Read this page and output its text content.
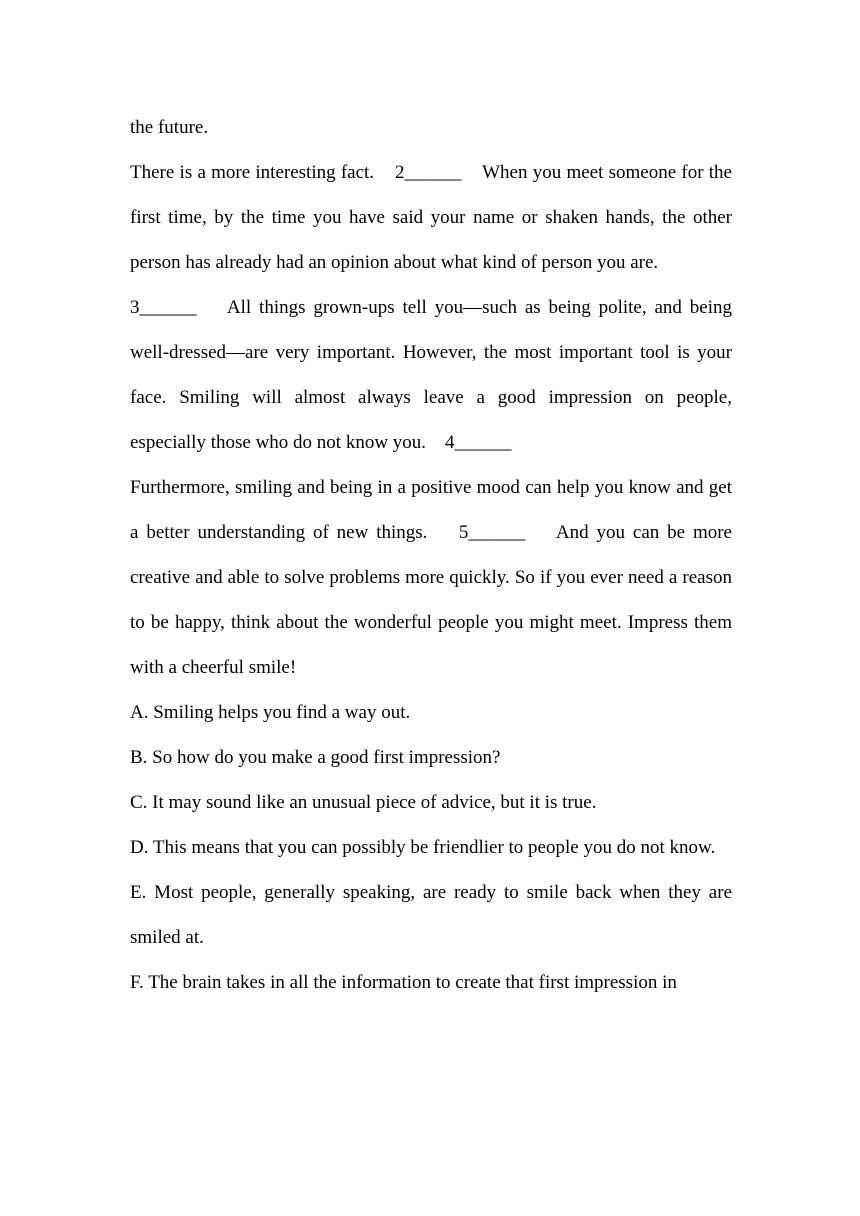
the future.

There is a more interesting fact.    2______    When you meet someone for the first time, by the time you have said your name or shaken hands, the other person has already had an opinion about what kind of person you are.

3______    All things grown-ups tell you—such as being polite, and being well-dressed—are very important. However, the most important tool is your face. Smiling will almost always leave a good impression on people, especially those who do not know you.    4______

Furthermore, smiling and being in a positive mood can help you know and get a better understanding of new things.    5______    And you can be more creative and able to solve problems more quickly. So if you ever need a reason to be happy, think about the wonderful people you might meet. Impress them with a cheerful smile!

A. Smiling helps you find a way out.

B. So how do you make a good first impression?

C. It may sound like an unusual piece of advice, but it is true.

D. This means that you can possibly be friendlier to people you do not know.

E. Most people, generally speaking, are ready to smile back when they are smiled at.

F. The brain takes in all the information to create that first impression in
